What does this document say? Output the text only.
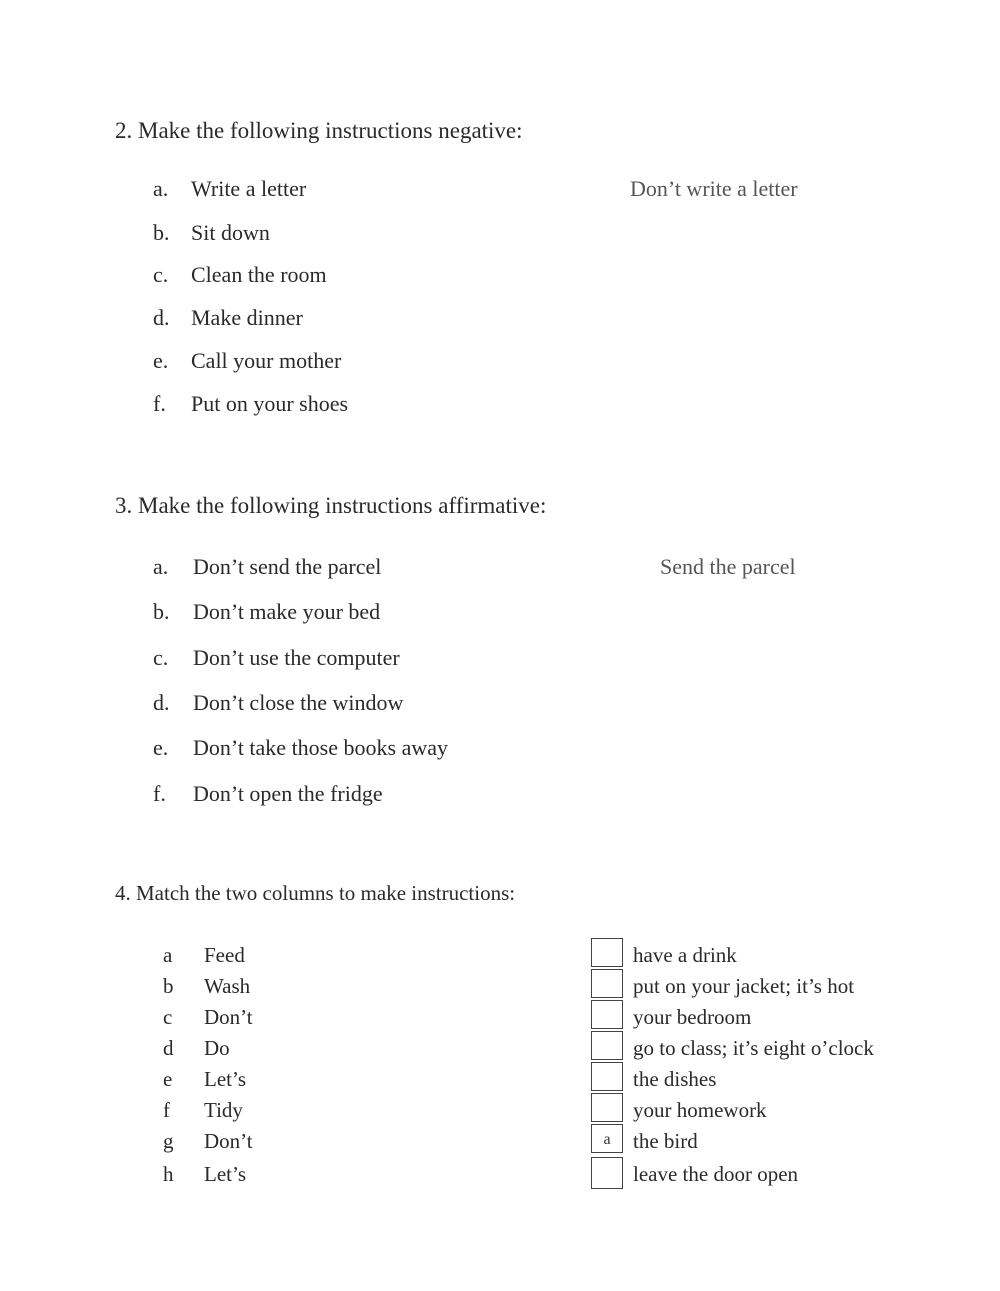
2. Make the following instructions negative:
a. Write a letter	Don’t write a letter
b. Sit down
c. Clean the room
d. Make dinner
e. Call your mother
f. Put on your shoes
3. Make the following instructions affirmative:
a. Don’t send the parcel	Send the parcel
b. Don’t make your bed
c. Don’t use the computer
d. Don’t close the window
e. Don’t take those books away
f. Don’t open the fridge
4. Match the two columns to make instructions:
a Feed
b Wash
c Don’t
d Do
e Let’s
f Tidy
g Don’t
h Let’s
a
have a drink
put on your jacket; it’s hot
your bedroom
go to class; it’s eight o’clock
the dishes
your homework
the bird
leave the door open
